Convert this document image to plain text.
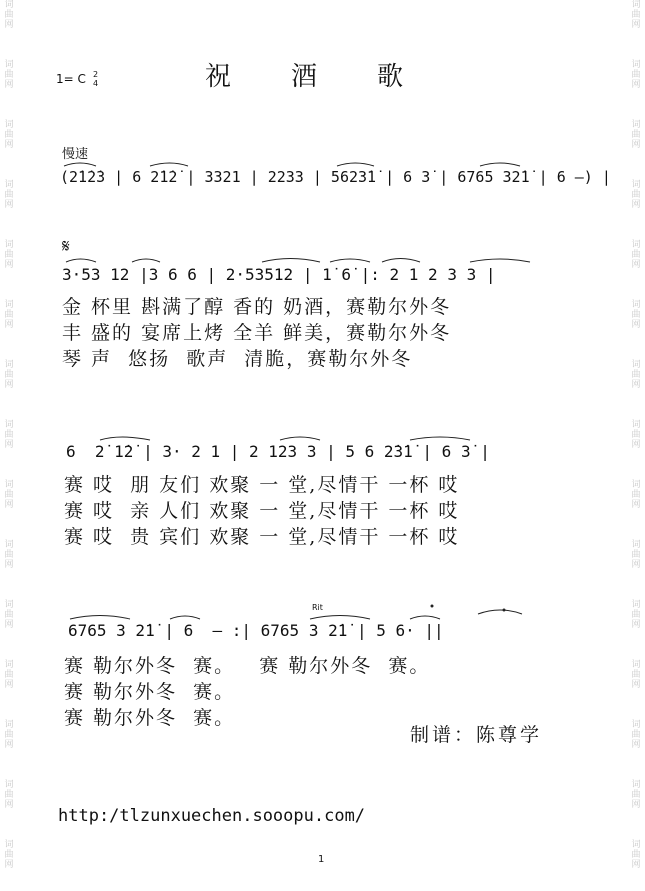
词
曲
网
词
曲
网
词
曲
网
词
曲
网
词
曲
网
词
曲
网
词
曲
网
词
曲
网
词
曲
网
词
曲
网
词
曲
网
词
曲
网
词
曲
网
词
曲
网
词
曲
网
词
曲
网
词
曲
网
词
曲
网
词
曲
网
词
曲
网
词
曲
网
词
曲
网
词
曲
网
词
曲
网
词
曲
网
词
曲
网
词
曲
网
词
曲
网
词
曲
网
词
曲
网
1= C 2
4	祝酒歌
慢速
(2̇1̇2̇3 | 6 2̇1̇2̇ | 3321 | 2233 | 5623̇1̇ | 6 3̇ | 6765 32̇1̇ | 6 –) |
𝄋
3·53 12 |3 6 6 | 2·53512 | 1̇ 6̇ |: 2 1 2 3 3 |
金 杯里 斟满了醇 香的 奶酒，赛勒尔外冬
丰 盛的 宴席上烤 全羊 鲜美，赛勒尔外冬
琴 声  悠扬  歌声  清脆，赛勒尔外冬
6  2̇ 1̇2̇ | 3· 2 1 | 2 123 3 | 5 6 2̇3̇1̇ | 6 3̇ |
赛 哎  朋 友们 欢聚 一 堂,尽情干 一杯 哎
赛 哎  亲 人们 欢聚 一 堂,尽情干 一杯 哎
赛 哎  贵 宾们 欢聚 一 堂,尽情干 一杯 哎
Rit
6765 3 2̇1̇ | 6  – :| 6765 3 2̇1̇ | 5 6· ||
赛 勒尔外冬  赛。   赛 勒尔外冬  赛。
赛 勒尔外冬  赛。
赛 勒尔外冬  赛。
制谱：陈尊学
http:/tlzunxuechen.sooopu.com/
1
